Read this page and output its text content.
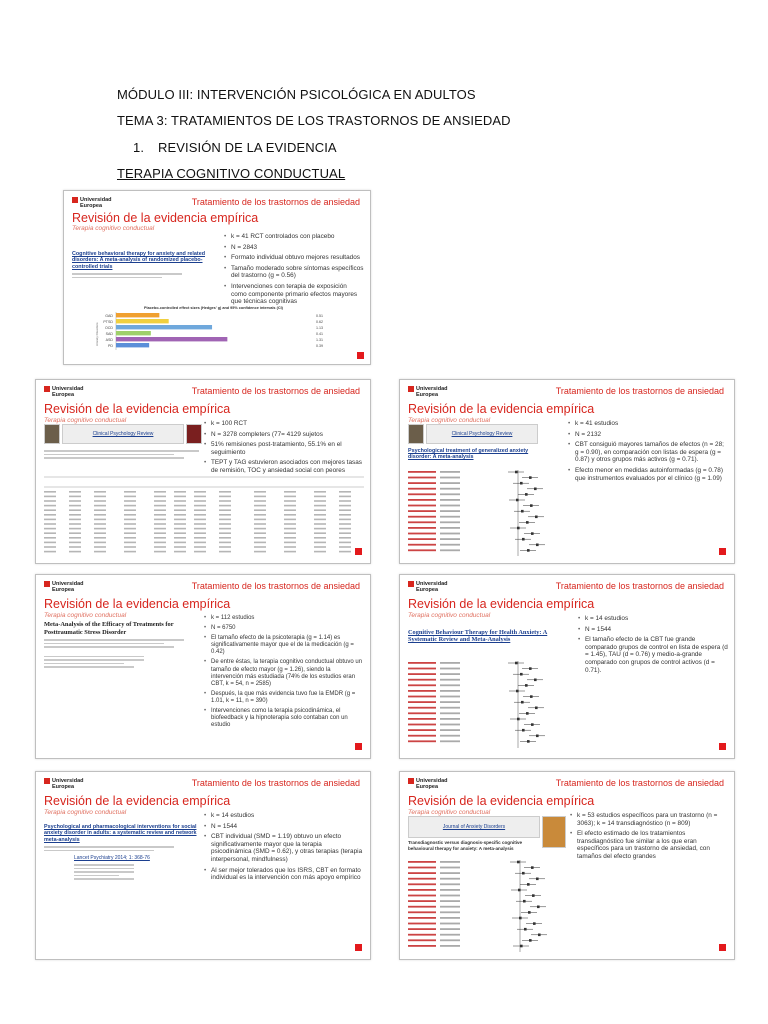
MÓDULO III: INTERVENCIÓN PSICOLÓGICA EN ADULTOS
TEMA 3: TRATAMIENTOS DE LOS TRASTORNOS DE ANSIEDAD
1. REVISIÓN DE LA EVIDENCIA
TERAPIA COGNITIVO CONDUCTUAL
Universidad
Europea	Tratamiento de los trastornos de ansiedad
Revisión de la evidencia empírica
Terapia cognitivo conductual
Cognitive behavioral therapy for anxiety and related disorders: A meta-analysis of randomized placebo-controlled trials
• k = 41 RCT controlados con placebo
• N = 2843
• Formato individual obtuvo mejores resultados
• Tamaño moderado sobre síntomas específicos del trastorno (g = 0.56)
• Intervenciones con terapia de exposición como componente primario efectos mayores que técnicas cognitivas
Placebo-controlled effect sizes (Hedges' g) and 95% confidence intervals (CI)
GAD	0.51
PTSD	0.62
OCD	1.13
SAD	0.41
ASD	1.31
PD	0.39
Anxiety Disorders
Universidad
Europea	Tratamiento de los trastornos de ansiedad
Revisión de la evidencia empírica
Terapia cognitivo conductual
Clinical Psychology Review
• k = 100 RCT
• N = 3278 completers (77= 4129 sujetos
• 51% remisiones post-tratamiento, 55.1% en el seguimiento
• TEPT y TAG estuvieron asociados con mejores tasas de remisión, TOC y ansiedad social con peores
Universidad
Europea	Tratamiento de los trastornos de ansiedad
Revisión de la evidencia empírica
Terapia cognitivo conductual
Clinical Psychology Review
Psychological treatment of generalized anxiety disorder: A meta-analysis
• k = 41 estudios
• N = 2132
• CBT consiguió mayores tamaños de efectos (n = 28; g = 0.90), en comparación con listas de espera (g = 0.87) y otros grupos más activos (g = 0.71).
• Efecto menor en medidas autoinformadas (g = 0.78) que instrumentos evaluados por el clínico (g = 1.09)
Universidad
Europea	Tratamiento de los trastornos de ansiedad
Revisión de la evidencia empírica
Terapia cognitivo conductual
Meta-Analysis of the Efficacy of Treatments for Posttraumatic Stress Disorder
• k = 112 estudios
• N = 6750
• El tamaño efecto de la psicoterapia (g = 1.14) es significativamente mayor que el de la medicación (g = 0.42)
• De entre éstas, la terapia cognitivo conductual obtuvo un tamaño de efecto mayor (g = 1.26), siendo la intervención más estudiada (74% de los estudios eran CBT, k = 54, n = 2585)
• Después, la que más evidencia tuvo fue la EMDR (g = 1.01, k = 11, n = 390)
• Intervenciones como la terapia psicodinámica, el biofeedback y la hipnoterapia solo contaban con un estudio
Universidad
Europea	Tratamiento de los trastornos de ansiedad
Revisión de la evidencia empírica
Terapia cognitivo conductual
Cognitive Behaviour Therapy for Health Anxiety: A Systematic Review and Meta-Analysis
• k = 14 estudios
• N = 1544
• El tamaño efecto de la CBT fue grande comparado grupos de control en lista de espera (d = 1.45), TAU (d = 0.76) y medio-a-grande comparado con grupos de control activos (d = 0.71).
Universidad
Europea	Tratamiento de los trastornos de ansiedad
Revisión de la evidencia empírica
Terapia cognitivo conductual
Psychological and pharmacological interventions for social anxiety disorder in adults: a systematic review and network meta-analysis
Lancet Psychiatry 2014; 1: 368-76
• k = 14 estudios
• N = 1544
• CBT individual (SMD = 1.19) obtuvo un efecto significativamente mayor que la terapia psicodinámica (SMD = 0.62), y otras terapias (terapia interpersonal, mindfulness)
• Al ser mejor tolerados que los ISRS, CBT en formato individual es la intervención con más apoyo empírico
Universidad
Europea	Tratamiento de los trastornos de ansiedad
Revisión de la evidencia empírica
Terapia cognitivo conductual
Journal of Anxiety Disorders
Transdiagnostic versus diagnosis-specific cognitive behavioural therapy for anxiety: A meta-analysis
• k = 53 estudios específicos para un trastorno (n = 3063); k = 14 transdiagnóstico (n = 809)
• El efecto estimado de los tratamientos transdiagnóstico fue similar a los que eran específicos para un trastorno de ansiedad, con tamaños del efecto grandes
